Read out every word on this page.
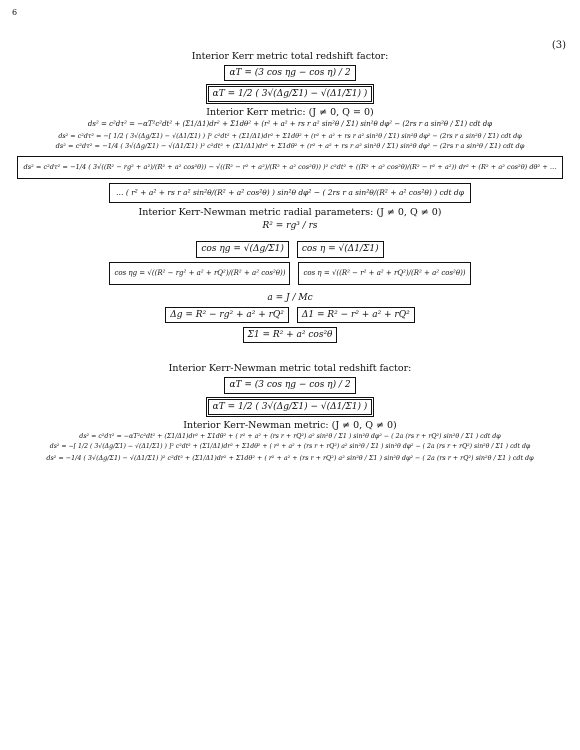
6
(3)
Interior Kerr metric total redshift factor:
αT = (3 cos ηg − cos η) / 2
αT = 1/2 ( 3√(Δg/Σ1) − √(Δ1/Σ1) )
Interior Kerr metric: (J ≠ 0, Q = 0)
ds² = c²dτ² = −αT²c²dt² + (Σ1/Δ1)dr² + Σ1dθ² + (r² + a² + rs r a² sin²θ / Σ1) sin²θ dφ² − (2rs r a sin²θ / Σ1) cdt dφ
ds² = c²dτ² = −[ 1/2 ( 3√(Δg/Σ1) − √(Δ1/Σ1) ) ]² c²dt² + (Σ1/Δ1)dr² + Σ1dθ² + (r² + a² + rs r a² sin²θ / Σ1) sin²θ dφ² − (2rs r a sin²θ / Σ1) cdt dφ
ds² = c²dτ² = −1/4 ( 3√(Δg/Σ1) − √(Δ1/Σ1) )² c²dt² + (Σ1/Δ1)dr² + Σ1dθ² + (r² + a² + rs r a² sin²θ / Σ1) sin²θ dφ² − (2rs r a sin²θ / Σ1) cdt dφ
ds² = c²dτ² = −1/4 ( 3√((R² − rg² + a²)/(R² + a² cos²θ)) − √((R² − r² + a²)/(R² + a² cos²θ)) )² c²dt² + ((R² + a² cos²θ)/(R² − r² + a²)) dr² + (R² + a² cos²θ) dθ² + …
… ( r² + a² + rs r a² sin²θ/(R² + a² cos²θ) ) sin²θ dφ² − ( 2rs r a sin²θ/(R² + a² cos²θ) ) cdt dφ
Interior Kerr-Newman metric radial parameters: (J ≠ 0, Q ≠ 0)
R² = rg³ / rs
cos ηg = √(Δg/Σ1)	cos η = √(Δ1/Σ1)
cos ηg = √((R² − rg² + a² + rQ²)/(R² + a² cos²θ))	cos η = √((R² − r² + a² + rQ²)/(R² + a² cos²θ))
a = J / Mc
Δg = R² − rg² + a² + rQ²	Δ1 = R² − r² + a² + rQ²
Σ1 = R² + a² cos²θ
Interior Kerr-Newman metric total redshift factor:
αT = (3 cos ηg − cos η) / 2
αT = 1/2 ( 3√(Δg/Σ1) − √(Δ1/Σ1) )
Interior Kerr-Newman metric: (J ≠ 0, Q ≠ 0)
ds² = c²dτ² = −αT²c²dt² + (Σ1/Δ1)dr² + Σ1dθ² + ( r² + a² + (rs r + rQ²) a² sin²θ / Σ1 ) sin²θ dφ² − ( 2a (rs r + rQ²) sin²θ / Σ1 ) cdt dφ
ds² = −[ 1/2 ( 3√(Δg/Σ1) − √(Δ1/Σ1) ) ]² c²dt² + (Σ1/Δ1)dr² + Σ1dθ² + ( r² + a² + (rs r + rQ²) a² sin²θ / Σ1 ) sin²θ dφ² − ( 2a (rs r + rQ²) sin²θ / Σ1 ) cdt dφ
ds² = −1/4 ( 3√(Δg/Σ1) − √(Δ1/Σ1) )² c²dt² + (Σ1/Δ1)dr² + Σ1dθ² + ( r² + a² + (rs r + rQ²) a² sin²θ / Σ1 ) sin²θ dφ² − ( 2a (rs r + rQ²) sin²θ / Σ1 ) cdt dφ
